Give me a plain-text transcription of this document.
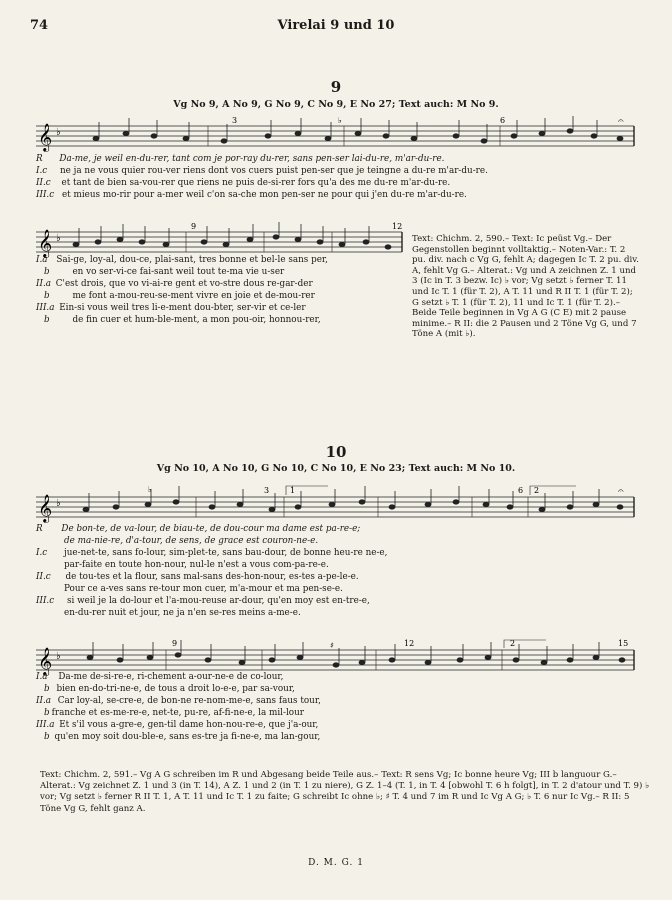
74	Virelai 9 und 10
9
Vg No 9, A No 9, G No 9, C No 9, E No 27; Text auch: M No 9.
𝄞 ♭
𝄐
♭
3	6
R Da-me, je weil en-du-rer, tant com je por-ray du-rer, sans pen-ser lai-du-re, m'ar-du-re.
I.c ne ja ne vous quier rou-ver riens dont vos cuers puist pen-ser que je teingne a du-re m'ar-du-re.
II.c et tant de bien sa-vou-rer que riens ne puis de-si-rer fors qu'a des me du-re m'ar-du-re.
III.c et mieus mo-rir pour a-mer weil c'on sa-che mon pen-ser ne pour qui j'en du-re m'ar-du-re.
𝄞 ♭
9	12
I.a Sai-ge, loy-al, dou-ce, plai-sant, tres bonne et bel-le sans per,
b	en vo ser-vi-ce fai-sant weil tout te-ma vie u-ser
II.a C'est drois, que vo vi-ai-re gent et vo-stre dous re-gar-der
b	me font a-mou-reu-se-ment vivre en joie et de-mou-rer
III.a Ein-si vous weil tres li-e-ment dou-bter, ser-vir et ce-ler
b	de fin cuer et hum-ble-ment, a mon pou-oir, honnou-rer,
Text: Chichm. 2, 590.– Text: Ic peüst Vg.– Der Gegenstollen beginnt volltaktig.– Noten-Var.: T. 2 pu. div. nach c Vg G, fehlt A; dagegen Ic T. 2 pu. div. A, fehlt Vg G.– Alterat.: Vg und A zeichnen Z. 1 und 3 (Ic in T. 3 bezw. Ic) ♭ vor; Vg setzt ♭ ferner T. 11 und Ic T. 1 (für T. 2), A T. 11 und R II T. 1 (für T. 2); G setzt ♭ T. 1 (für T. 2), 11 und Ic T. 1 (für T. 2).– Beide Teile beginnen in Vg A G (C E) mit 2 pause minime.– R II: die 2 Pausen und 2 Töne Vg G, und 7 Töne A (mit ♭).
10
Vg No 10, A No 10, G No 10, C No 10, E No 23; Text auch: M No 10.
𝄞 ♭
𝄐
♭	3	1	6 2
R De bon-te, de va-lour, de biau-te, de dou-cour ma dame est pa-re-e;
de ma-nie-re, d'a-tour, de sens, de grace est couron-ne-e.
I.c jue-net-te, sans fo-lour, sim-plet-te, sans bau-dour, de bonne heu-re ne-e,
par-faite en toute hon-nour, nul-le n'est a vous com-pa-re-e.
II.c de tou-tes et la flour, sans mal-sans des-hon-nour, es-tes a-pe-le-e.
Pour ce a-ves sans re-tour mon cuer, m'a-mour et ma pen-se-e.
III.c si weil je la do-lour et l'a-mou-reuse ar-dour, qu'en moy est en-tre-e,
en-du-rer nuit et jour, ne ja n'en se-res meins a-me-e.
𝄞 ♭
♯
9	12	2	15
I.a Da-me de-si-re-e, ri-chement a-our-ne-e de co-lour,
b bien en-do-tri-ne-e, de tous a droit lo-e-e, par sa-vour,
II.a Car loy-al, se-cre-e, de bon-ne re-nom-me-e, sans faus tour,
b franche et es-me-re-e, net-te, pu-re, af-fi-ne-e, la mil-lour
III.a Et s'il vous a-gre-e, gen-til dame hon-nou-re-e, que j'a-our,
b qu'en moy soit dou-ble-e, sans es-tre ja fi-ne-e, ma lan-gour,
Text: Chichm. 2, 591.– Vg A G schreiben im R und Abgesang beide Teile aus.– Text: R sens Vg; Ic bonne heure Vg; III b languour G.– Alterat.: Vg zeichnet Z. 1 und 3 (in T. 14), A Z. 1 und 2 (in T. 1 zu niere), G Z. 1–4 (T. 1, in T. 4 [obwohl T. 6 h folgt], in T. 2 d'atour und T. 9) ♭ vor; Vg setzt ♭ ferner R II T. 1, A T. 11 und Ic T. 1 zu faite; G schreibt Ic ohne ♭; ♯ T. 4 und 7 im R und Ic Vg A G; ♭ T. 6 nur Ic Vg.– R II: 5 Töne Vg G, fehlt ganz A.
D. M. G. 1
